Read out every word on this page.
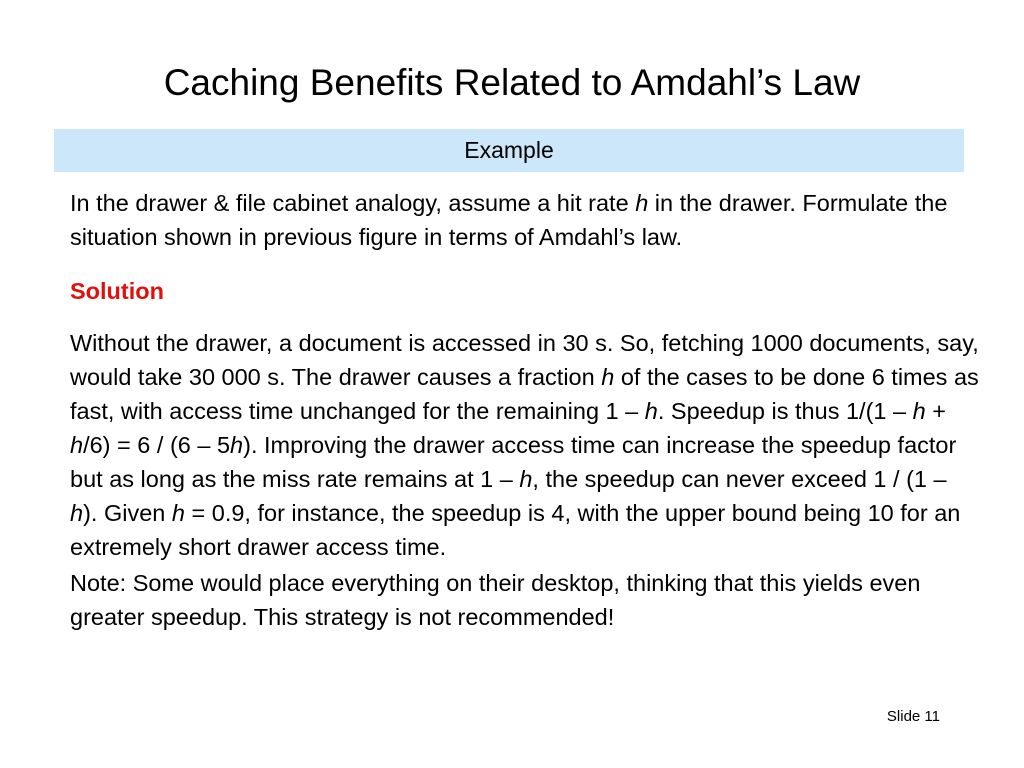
Caching Benefits Related to Amdahl’s Law
Example

In the drawer & file cabinet analogy, assume a hit rate h in the drawer. Formulate the situation shown in previous figure in terms of Amdahl’s law.

Solution

Without the drawer, a document is accessed in 30 s. So, fetching 1000 documents, say, would take 30 000 s. The drawer causes a fraction h of the cases to be done 6 times as fast, with access time unchanged for the remaining 1 – h. Speedup is thus 1/(1 – h + h/6) = 6 / (6 – 5h). Improving the drawer access time can increase the speedup factor but as long as the miss rate remains at 1 – h, the speedup can never exceed 1 / (1 – h). Given h = 0.9, for instance, the speedup is 4, with the upper bound being 10 for an extremely short drawer access time.

Note: Some would place everything on their desktop, thinking that this yields even greater speedup. This strategy is not recommended!

Slide 11
